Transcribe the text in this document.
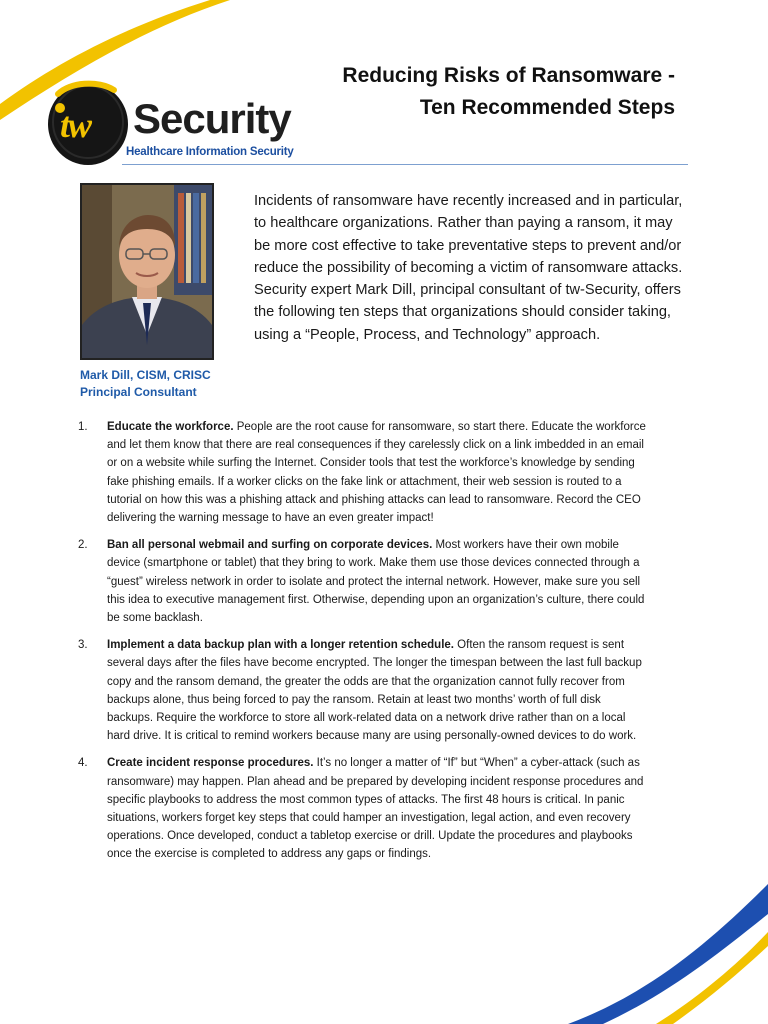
tw Security
Healthcare Information Security
Reducing Risks of Ransomware -
Ten Recommended Steps
Mark Dill, CISM, CRISC
Principal Consultant
Incidents of ransomware have recently increased and in particular, to healthcare organizations. Rather than paying a ransom, it may be more cost effective to take preventative steps to prevent and/or reduce the possibility of becoming a victim of ransomware attacks. Security expert Mark Dill, principal consultant of tw-Security, offers the following ten steps that organizations should consider taking, using a “People, Process, and Technology” approach.
1.	Educate the workforce. People are the root cause for ransomware, so start there. Educate the workforce and let them know that there are real consequences if they carelessly click on a link imbedded in an email or on a website while surfing the Internet. Consider tools that test the workforce’s knowledge by sending fake phishing emails. If a worker clicks on the fake link or attachment, their web session is routed to a tutorial on how this was a phishing attack and phishing attacks can lead to ransomware. Record the CEO delivering the warning message to have an even greater impact!
2.	Ban all personal webmail and surfing on corporate devices. Most workers have their own mobile device (smartphone or tablet) that they bring to work. Make them use those devices connected through a “guest” wireless network in order to isolate and protect the internal network. However, make sure you sell this idea to executive management first. Otherwise, depending upon an organization’s culture, there could be some backlash.
3.	Implement a data backup plan with a longer retention schedule. Often the ransom request is sent several days after the files have become encrypted. The longer the timespan between the last full backup copy and the ransom demand, the greater the odds are that the organization cannot fully recover from backups alone, thus being forced to pay the ransom. Retain at least two months’ worth of full disk backups. Require the workforce to store all work-related data on a network drive rather than on a local hard drive. It is critical to remind workers because many are using personally-owned devices to do work.
4.	Create incident response procedures. It’s no longer a matter of “If” but “When” a cyber-attack (such as ransomware) may happen. Plan ahead and be prepared by developing incident response procedures and specific playbooks to address the most common types of attacks. The first 48 hours is critical. In panic situations, workers forget key steps that could hamper an investigation, legal action, and even recovery operations. Once developed, conduct a tabletop exercise or drill. Update the procedures and playbooks once the exercise is completed to address any gaps or findings.
